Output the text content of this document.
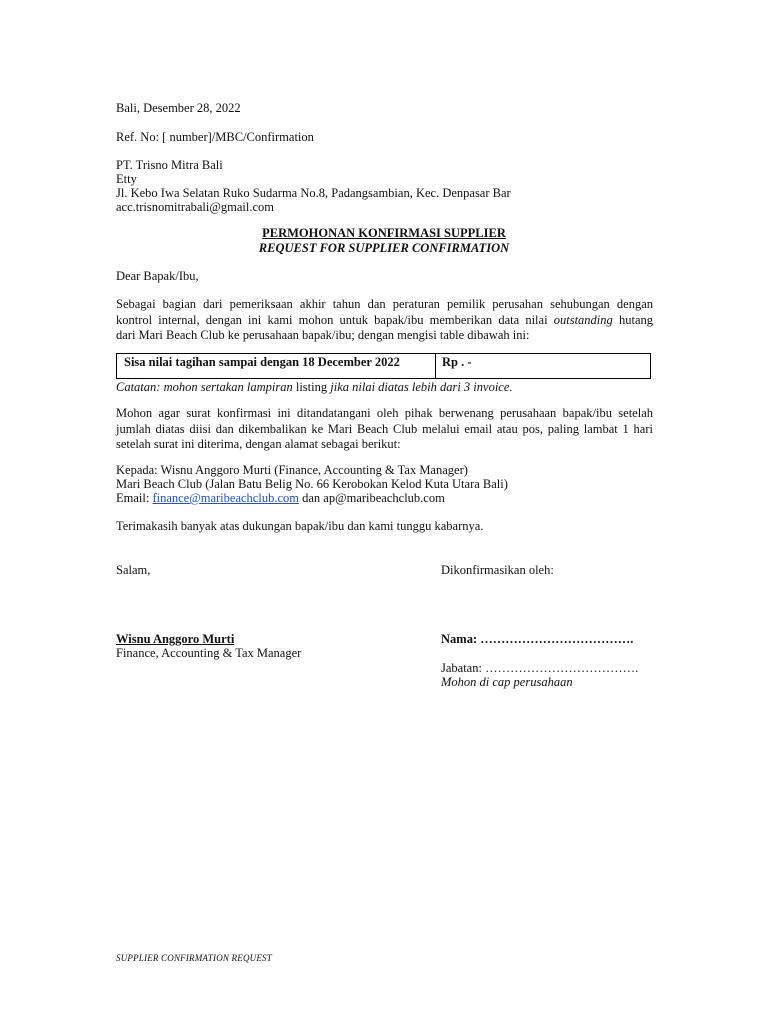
Bali, Desember 28, 2022
Ref. No: [ number]/MBC/Confirmation
PT. Trisno Mitra Bali
Etty
Jl. Kebo Iwa Selatan Ruko Sudarma No.8, Padangsambian, Kec. Denpasar Bar
acc.trisnomitrabali@gmail.com
PERMOHONAN KONFIRMASI SUPPLIER
REQUEST FOR SUPPLIER CONFIRMATION
Dear Bapak/Ibu,
Sebagai bagian dari pemeriksaan akhir tahun dan peraturan pemilik perusahan sehubungan dengan
kontrol internal, dengan ini kami mohon untuk bapak/ibu memberikan data nilai outstanding hutang
dari Mari Beach Club ke perusahaan bapak/ibu; dengan mengisi table dibawah ini:
Sisa nilai tagihan sampai dengan 18 December 2022	Rp . -
Catatan: mohon sertakan lampiran listing jika nilai diatas lebih dari 3 invoice.
Mohon agar surat konfirmasi ini ditandatangani oleh pihak berwenang perusahaan bapak/ibu setelah
jumlah diatas diisi dan dikembalikan ke Mari Beach Club melalui email atau pos, paling lambat 1 hari
setelah surat ini diterima, dengan alamat sebagai berikut:
Kepada: Wisnu Anggoro Murti (Finance, Accounting & Tax Manager)
Mari Beach Club (Jalan Batu Belig No. 66 Kerobokan Kelod Kuta Utara Bali)
Email: finance@maribeachclub.com dan ap@maribeachclub.com
Terimakasih banyak atas dukungan bapak/ibu dan kami tunggu kabarnya.
Salam,	Dikonfirmasikan oleh:
Wisnu Anggoro Murti
Finance, Accounting & Tax Manager
Nama: ……………………………….
Jabatan: ……………………………….
Mohon di cap perusahaan
SUPPLIER CONFIRMATION REQUEST
